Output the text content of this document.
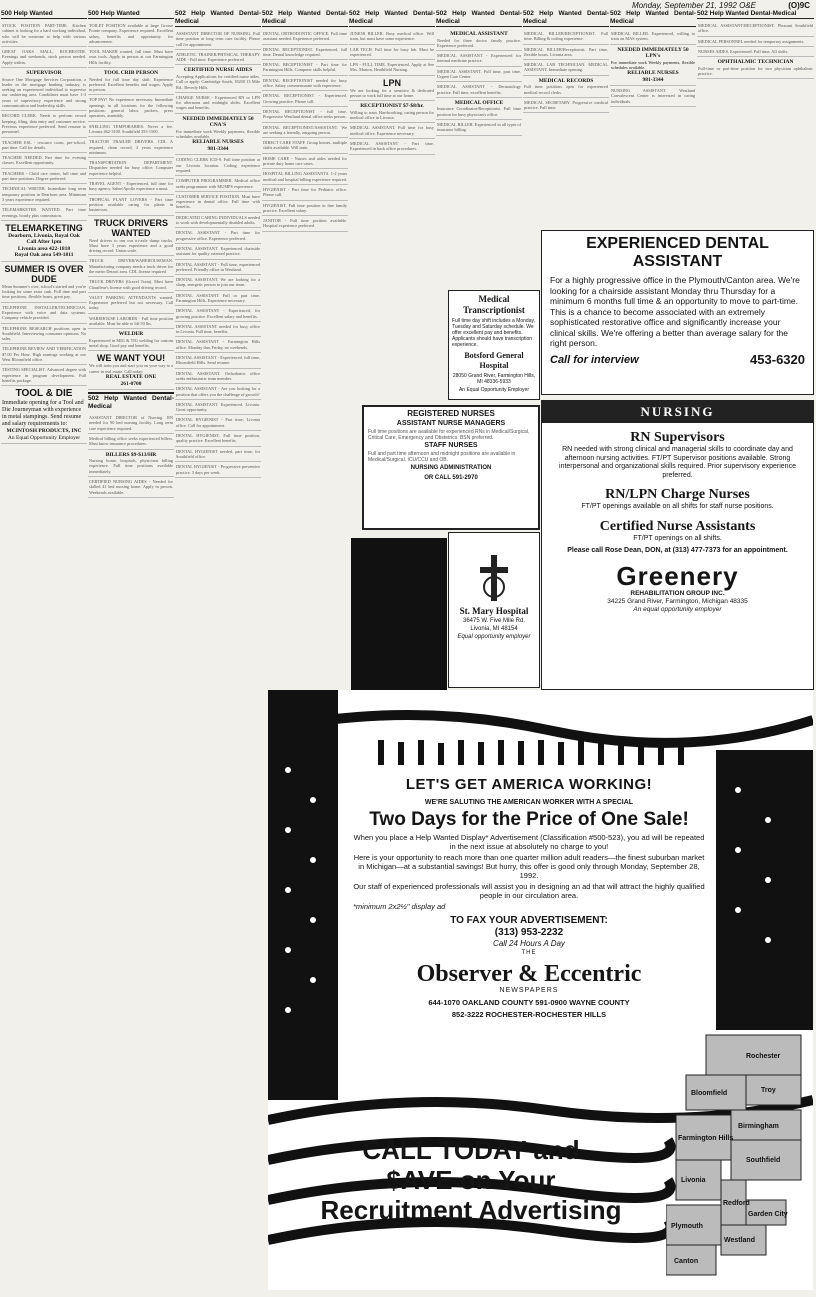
Monday, September 21, 1992 O&E	(O)9C
500 Help Wanted
STOCK POSITION PART-TIME. Kitchen cabinet is looking for a hard working individual, who will be someone to help with various activities.
GREAT OAKS MALL, ROCHESTER. Evenings and weekends, stock person needed. Apply within.
SUPERVISOR
Source One Mortgage Services Corporation, a leader in the mortgage banking industry, is seeking an experienced individual to supervise our cashiering area. Candidates must have 1-3 years of supervisory experience and strong communication and leadership skills.
RECORD CLERK. Needs to perform record keeping, filing, data entry and customer service. Previous experience preferred. Send resume to personnel.
TEACHER ESL - resource room, pre-school, part time. Call for details.
TEACHER NEEDED. Part time for evening classes. Excellent opportunity.
TEACHERS - Child care center, full time and part time positions. Degree preferred.
TECHNICAL WRITER. Immediate long term temporary position in Dearborn area. Minimum 3 years experience required.
TELEMARKETER WANTED. Part time evenings, hourly plus commission.
TELEMARKETING
Dearborn, Livonia, Royal Oak
Call After 1pm
Livonia area 422-1818
Royal Oak area 549-1811
SUMMER IS OVER DUDE
Mean Summer's over, school's started and you're looking for some extra cash. Full time and part time positions, flexible hours, great pay.
TELEPHONE INSTALLER/TECHNICIAN. Experience with voice and data systems. Company vehicle provided.
TELEPHONE RESEARCH positions open in Southfield. Interviewing consumer opinions. No sales.
TELEPHONE REVIEW AND VERIFICATION $7.00 Per Hour. High earnings working at our West Bloomfield office.
TESTING SPECIALIST. Advanced degree with experience in program development. Full benefits package.
TOOL & DIE
Immediate opening for a Tool and Die Journeyman with experience in metal stampings. Send resume and salary requirements to:
MCINTOSH PRODUCTS, INC
An Equal Opportunity Employer
500 Help Wanted
TOILET POSITION available at large Grosse Pointe company. Experience required. Excellent salary, benefits and opportunity for advancement.
TOOL MAKER wanted, full time. Must have own tools. Apply in person at our Farmington Hills facility.
TOOL CRIB PERSON
Needed for full time day shift. Experience preferred. Excellent benefits and wages. Apply in person.
TOP PAY! No experience necessary. Immediate openings in all locations for the following positions: general labor, packers, press operators, assembly.
SNELLING TEMPORARIES. Never a fee. Livonia 462-3100. Southfield 355-1500.
TRACTOR TRAILER DRIVERS. CDL A required, clean record, 2 years experience minimum.
TRANSPORTATION DEPARTMENT. Dispatcher needed for busy office. Computer experience helpful.
TRAVEL AGENT - Experienced, full time for busy agency. Sabre/Apollo experience a must.
TROPICAL PLANT LOVERS - Part time position available caring for plants in businesses.
TRUCK DRIVERS WANTED
Need drivers to run our tri-axle dump trucks. Must have 3 years experience and a good driving record. Union scale.
TRUCK DRIVER/WAREHOUSEMAN. Manufacturing company needs a truck driver for the metro Detroit area. CDL license required.
TRUCK DRIVERS (Gravel Train). Must have Chauffeur's license with good driving record.
VALET PARKING ATTENDANTS wanted. Experience preferred but not necessary. Call today.
WAREHOUSE LABORER - Full time position available. Must be able to lift 50 lbs.
WELDER
Experienced in MIG & TIG welding for custom metal shop. Good pay and benefits.
WE WANT YOU!
We will train you and start you on your way to a career in real estate. Call today:
REAL ESTATE ONE
261-0700
502 Help Wanted Dental-Medical
ASSISTANT DIRECTOR of Nursing. RN needed for 90 bed nursing facility. Long term care experience required.
Medical billing office seeks experienced billers. Must know insurance procedures.
BILLERS $9-$13/HR
Nursing home, hospitals, physicians billing experience. Full time positions available immediately.
CERTIFIED NURSING AIDES - Needed for skilled 41 bed nursing home. Apply in person. Weekends available.
502 Help Wanted Dental-Medical
ASSISTANT DIRECTOR OF NURSING. Full time position at long term care facility. Please call for appointment.
ATHLETIC TRAINER/PHYSICAL THERAPY AIDE - Full time. Experience preferred.
CERTIFIED NURSE AIDES
Accepting Applications for certified nurse aides. Call or apply: Cambridge South, 18200 13 Mile Rd., Beverly Hills.
CHARGE NURSE - Experienced RN or LPN for afternoon and midnight shifts. Excellent wages and benefits.
NEEDED IMMEDIATELY 50 CNA'S
For immediate work Weekly payments, flexible schedules available.
RELIABLE NURSES
981-3344
CODING CLERK ICD-9. Full time position at our Livonia location. Coding experience required.
COMPUTER PROGRAMMER. Medical office seeks programmer with MUMPS experience.
CUSTOMER SERVICE POSITION. Must have experience in dental office. Full time with benefits.
DEDICATED CARING INDIVIDUALS needed to work with developmentally disabled adults.
DENTAL ASSISTANT - Part time for progressive office. Experience preferred.
DENTAL ASSISTANT. Experienced chairside assistant for quality oriented practice.
DENTAL ASSISTANT - Full time, experienced preferred. Friendly office in Westland.
DENTAL ASSISTANT. We are looking for a sharp, energetic person to join our team.
DENTAL ASSISTANT Full or part time, Farmington Hills. Experience necessary.
DENTAL ASSISTANT - Experienced, for growing practice. Excellent salary and benefits.
DENTAL ASSISTANT needed for busy office in Livonia. Full time, benefits.
DENTAL ASSISTANT - Farmington Hills office. Monday thru Friday, no weekends.
DENTAL ASSISTANT - Experienced, full time, Bloomfield Hills. Send resume.
DENTAL ASSISTANT. Orthodontic office seeks enthusiastic team member.
DENTAL ASSISTANT - Are you looking for a position that offers you the challenge of growth?
DENTAL ASSISTANT. Experienced. Livonia. Great opportunity.
DENTAL HYGIENIST - Part time, Livonia office. Call for appointment.
DENTAL HYGIENIST. Full time position, quality practice. Excellent benefits.
DENTAL HYGIENIST needed, part time, for Southfield office.
DENTAL HYGIENIST - Progressive preventive practice. 3 days per week.
502 Help Wanted Dental-Medical
DENTAL ORTHODONTIC OFFICE. Full time assistant needed. Experience preferred.
DENTAL RECEPTIONIST. Experienced, full time. Dental knowledge required.
DENTAL RECEPTIONIST - Part time for Farmington Hills. Computer skills helpful.
DENTAL RECEPTIONIST needed for busy office. Salary commensurate with experience.
DENTAL RECEPTIONIST - Experienced. Growing practice. Please call.
DENTAL RECEPTIONIST - full time. Progressive Westland dental office seeks person.
DENTAL RECEPTIONIST/ASSISTANT. We are seeking a friendly, outgoing person.
DIRECT CARE STAFF. Group homes, multiple shifts available. Will train.
HOME CARE - Nurses and aides needed for private duty home care cases.
HOSPITAL BILLING ASSISTANTS. 1-2 years medical and hospital billing experience required.
HYGIENIST - Part time for Pediatric office. Please call.
HYGIENIST. Full time position in fine family practice. Excellent salary.
JANITOR - Full time position available. Hospital experience preferred.
502 Help Wanted Dental-Medical
JUNIOR BILLER. Busy medical office. Will train, but must have some experience.
LAB TECH. Full time for busy lab. Must be experienced.
LPN - FULL TIME. Experienced. Apply at See Mrs. Marion, Heathfield Nursing.
LPN
We are looking for a sensitive & dedicated person to work full time at our home.
RECEPTIONIST $7-$8/hr.
Willing to train. Hardworking, caring person for medical office in Livonia.
MEDICAL ASSISTANT. Full time for busy medical office. Experience necessary.
MEDICAL ASSISTANT - Part time. Experienced in back office procedures.
502 Help Wanted Dental-Medical
MEDICAL ASSISTANT
Needed for three doctor family practice. Experience preferred.
MEDICAL ASSISTANT - Experienced for internal medicine practice.
MEDICAL ASSISTANT. Full time, part time. Urgent Care Center.
MEDICAL ASSISTANT - Dermatology practice. Full time, excellent benefits.
MEDICAL OFFICE
Insurance Coordinator/Receptionist. Full time position for busy physician's office.
MEDICAL BILLER. Experienced in all types of insurance billing.
502 Help Wanted Dental-Medical
MEDICAL BILLER/RECEPTIONIST. Full time. Billing & coding experience.
MEDICAL BILLER/Receptionist. Part time, flexible hours. Livonia area.
MEDICAL LAB TECHNICIAN. MEDICAL ASSISTANT. Immediate opening.
MEDICAL RECORDS
Full time positions open for experienced medical record clerks.
MEDICAL SECRETARY. Progressive medical practice. Full time.
502 Help Wanted Dental-Medical
MEDICAL BILLER. Experienced, willing to train on MAS system.
NEEDED IMMEDIATELY 50 LPN's
For immediate work Weekly payments, flexible schedules available.
RELIABLE NURSES
981-3344
NURSING ASSISTANT. Westland Convalescent Center is interested in caring individuals.
502 Help Wanted Dental-Medical
MEDICAL ASSISTANT/RECEPTIONIST. Pleasant Southfield office.
MEDICAL PERSONNEL needed for temporary assignments.
NURSES AIDES. Experienced. Full time. All shifts.
OPHTHALMIC TECHNICIAN
Full-time or part-time position for two physician ophthalmic practice.
EXPERIENCED DENTAL ASSISTANT
For a highly progressive office in the Plymouth/Canton area. We're looking for a chairside assistant Monday thru Thursday for a minimum 6 months full time & an opportunity to move to part-time. This is a chance to become associated with an extremely sophisticated restorative office and significantly increase your clinical skills. We're offering a better than average salary for the right person.
453-6320
Call for interview
Medical Transcriptionist
Full time day shift includes a Monday, Tuesday and Saturday schedule. We offer excellent pay and benefits. Applicants should have transcription experience.
Botsford General Hospital
28050 Grand River, Farmington Hills, MI 48336-5933
An Equal Opportunity Employer
REGISTERED NURSES
ASSISTANT NURSE MANAGERS
Full time positions are available for experienced RNs in Medical/Surgical, Critical Care, Emergency and Obstetrics. BSN preferred.
STAFF NURSES
Full and part time afternoon and midnight positions are available in Medical/Surgical, ICU/CCU and OB.
NURSING ADMINISTRATION
OR CALL 591-2970
St. Mary Hospital
36475 W. Five Mile Rd.
Livonia, MI 48154
Equal opportunity employer
NURSING
RN Supervisors
RN needed with strong clinical and managerial skills to coordinate day and afternoon nursing activities. FT/PT Supervisor positions available. Strong interpersonal and organizational skills required. Prior supervisory experience preferred.
RN/LPN Charge Nurses
FT/PT openings available on all shifts for staff nurse positions.
Certified Nurse Assistants
FT/PT openings on all shifts.
Please call Rose Dean, DON, at (313) 477-7373 for an appointment.
Greenery
REHABILITATION GROUP INC.
34225 Grand River, Farmington, Michigan 48335
An equal opportunity employer
LET'S GET AMERICA WORKING!
WE'RE SALUTING THE AMERICAN WORKER WITH A SPECIAL
Two Days for the Price of One Sale!
When you place a Help Wanted Display* Advertisement (Classification #500-523), you ad will be repeated in the next issue at absolutely no charge to you!
Here is your opportunity to reach more than one quarter million adult readers—the finest suburban market in Michigan—at a substantial savings! But hurry, this offer is good only through Monday, September 28, 1992.
Our staff of experienced professionals will assist you in designing an ad that will attract the highly qualified people in our circulation area.
*minimum 2x2½" display ad
TO FAX YOUR ADVERTISEMENT:
(313) 953-2232
Call 24 Hours A Day
THE
Observer & Eccentric
NEWSPAPERS
644-1070 OAKLAND COUNTY 591-0900 WAYNE COUNTY
852-3222 ROCHESTER-ROCHESTER HILLS
CALL TODAY and
$AVE on Your
Recruitment Advertising
Rochester
Troy
Bloomfield
Birmingham
Farmington Hills
Southfield
Livonia
Redford
Plymouth
Westland
Canton
Garden City
